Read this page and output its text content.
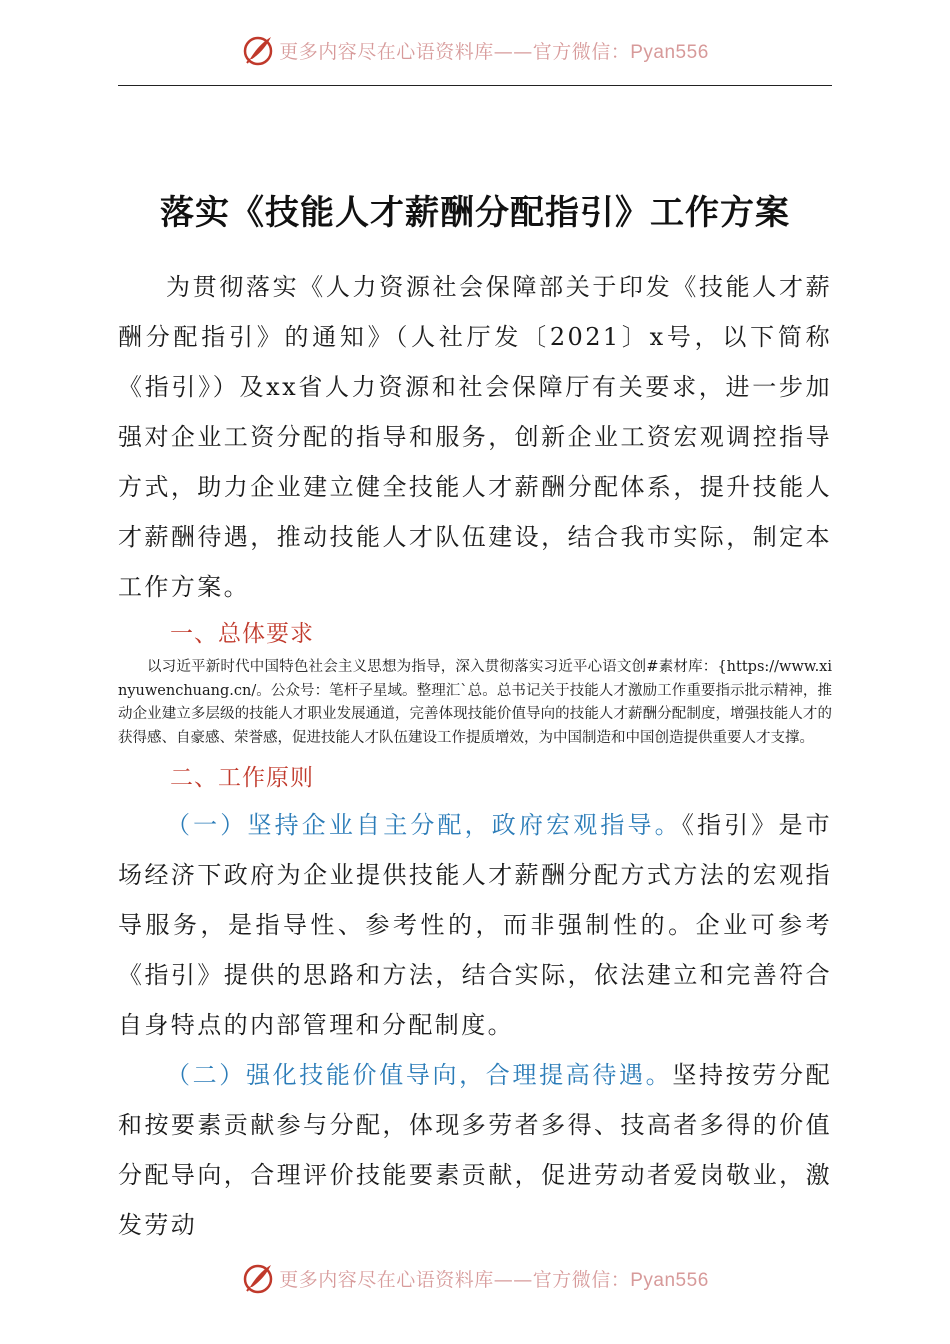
更多内容尽在心语资料库——官方微信：Pyan556
落实《技能人才薪酬分配指引》工作方案

为贯彻落实《人力资源社会保障部关于印发《技能人才薪酬分配指引》的通知》（人社厅发〔2021〕x号，以下简称《指引》）及xx省人力资源和社会保障厅有关要求，进一步加强对企业工资分配的指导和服务，创新企业工资宏观调控指导方式，助力企业建立健全技能人才薪酬分配体系，提升技能人才薪酬待遇，推动技能人才队伍建设，结合我市实际，制定本工作方案。

一、总体要求

以习近平新时代中国特色社会主义思想为指导，深入贯彻落实习近平心语文创#素材库：{https://www.xinyuwenchuang.cn/。公众号：笔杆子星域。整理汇`总。总书记关于技能人才激励工作重要指示批示精神，推动企业建立多层级的技能人才职业发展通道，完善体现技能价值导向的技能人才薪酬分配制度，增强技能人才的获得感、自豪感、荣誉感，促进技能人才队伍建设工作提质增效，为中国制造和中国创造提供重要人才支撑。

二、工作原则

（一）坚持企业自主分配，政府宏观指导。《指引》是市场经济下政府为企业提供技能人才薪酬分配方式方法的宏观指导服务，是指导性、参考性的，而非强制性的。企业可参考《指引》提供的思路和方法，结合实际，依法建立和完善符合自身特点的内部管理和分配制度。

（二）强化技能价值导向，合理提高待遇。坚持按劳分配和按要素贡献参与分配，体现多劳者多得、技高者多得的价值分配导向，合理评价技能要素贡献，促进劳动者爱岗敬业，激发劳动

更多内容尽在心语资料库——官方微信：Pyan556
